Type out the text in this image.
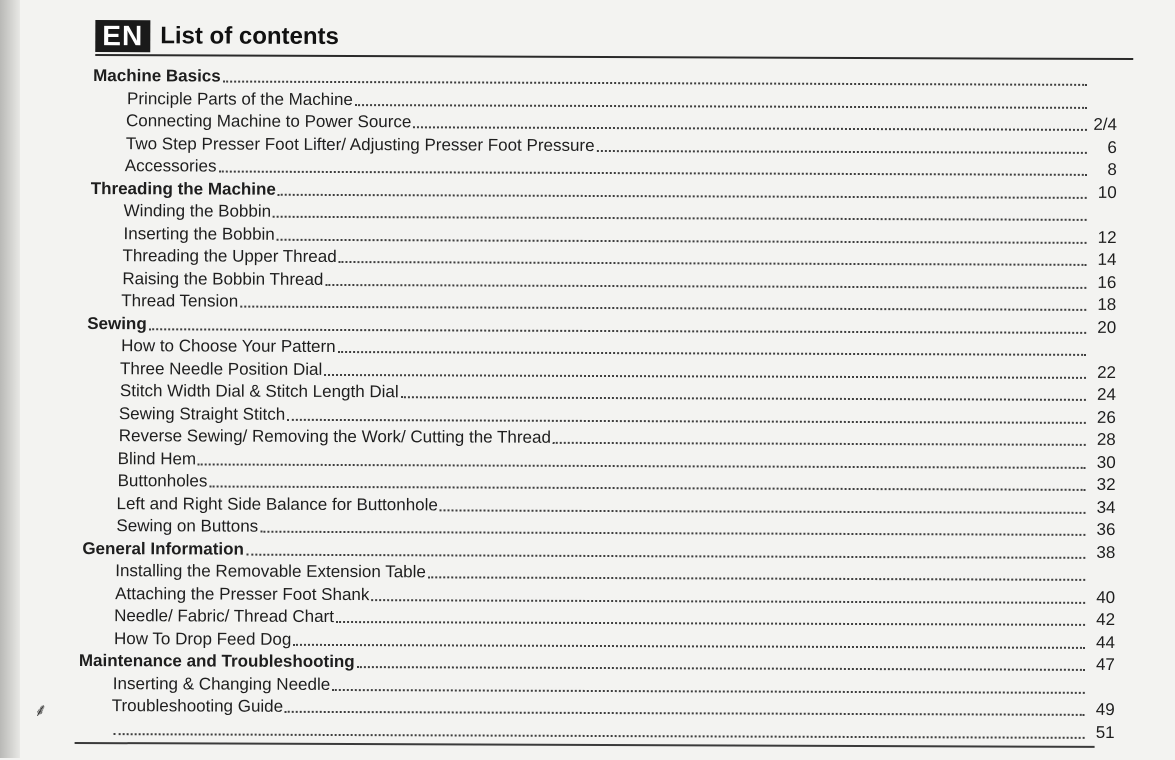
EN List of contents
Machine Basics
Principle Parts of the Machine
Connecting Machine to Power Source	2/4
Two Step Presser Foot Lifter/ Adjusting Presser Foot Pressure	6
Accessories	8
Threading the Machine	10
Winding the Bobbin
Inserting the Bobbin	12
Threading the Upper Thread	14
Raising the Bobbin Thread	16
Thread Tension	18
Sewing	20
How to Choose Your Pattern
Three Needle Position Dial	22
Stitch Width Dial & Stitch Length Dial	24
Sewing Straight Stitch	26
Reverse Sewing/ Removing the Work/ Cutting the Thread	28
Blind Hem	30
Buttonholes	32
Left and Right Side Balance for Buttonhole	34
Sewing on Buttons	36
General Information	38
Installing the Removable Extension Table
Attaching the Presser Foot Shank	40
Needle/ Fabric/ Thread Chart	42
How To Drop Feed Dog	44
Maintenance and Troubleshooting	47
Inserting & Changing Needle
Troubleshooting Guide	49
51
⸙
